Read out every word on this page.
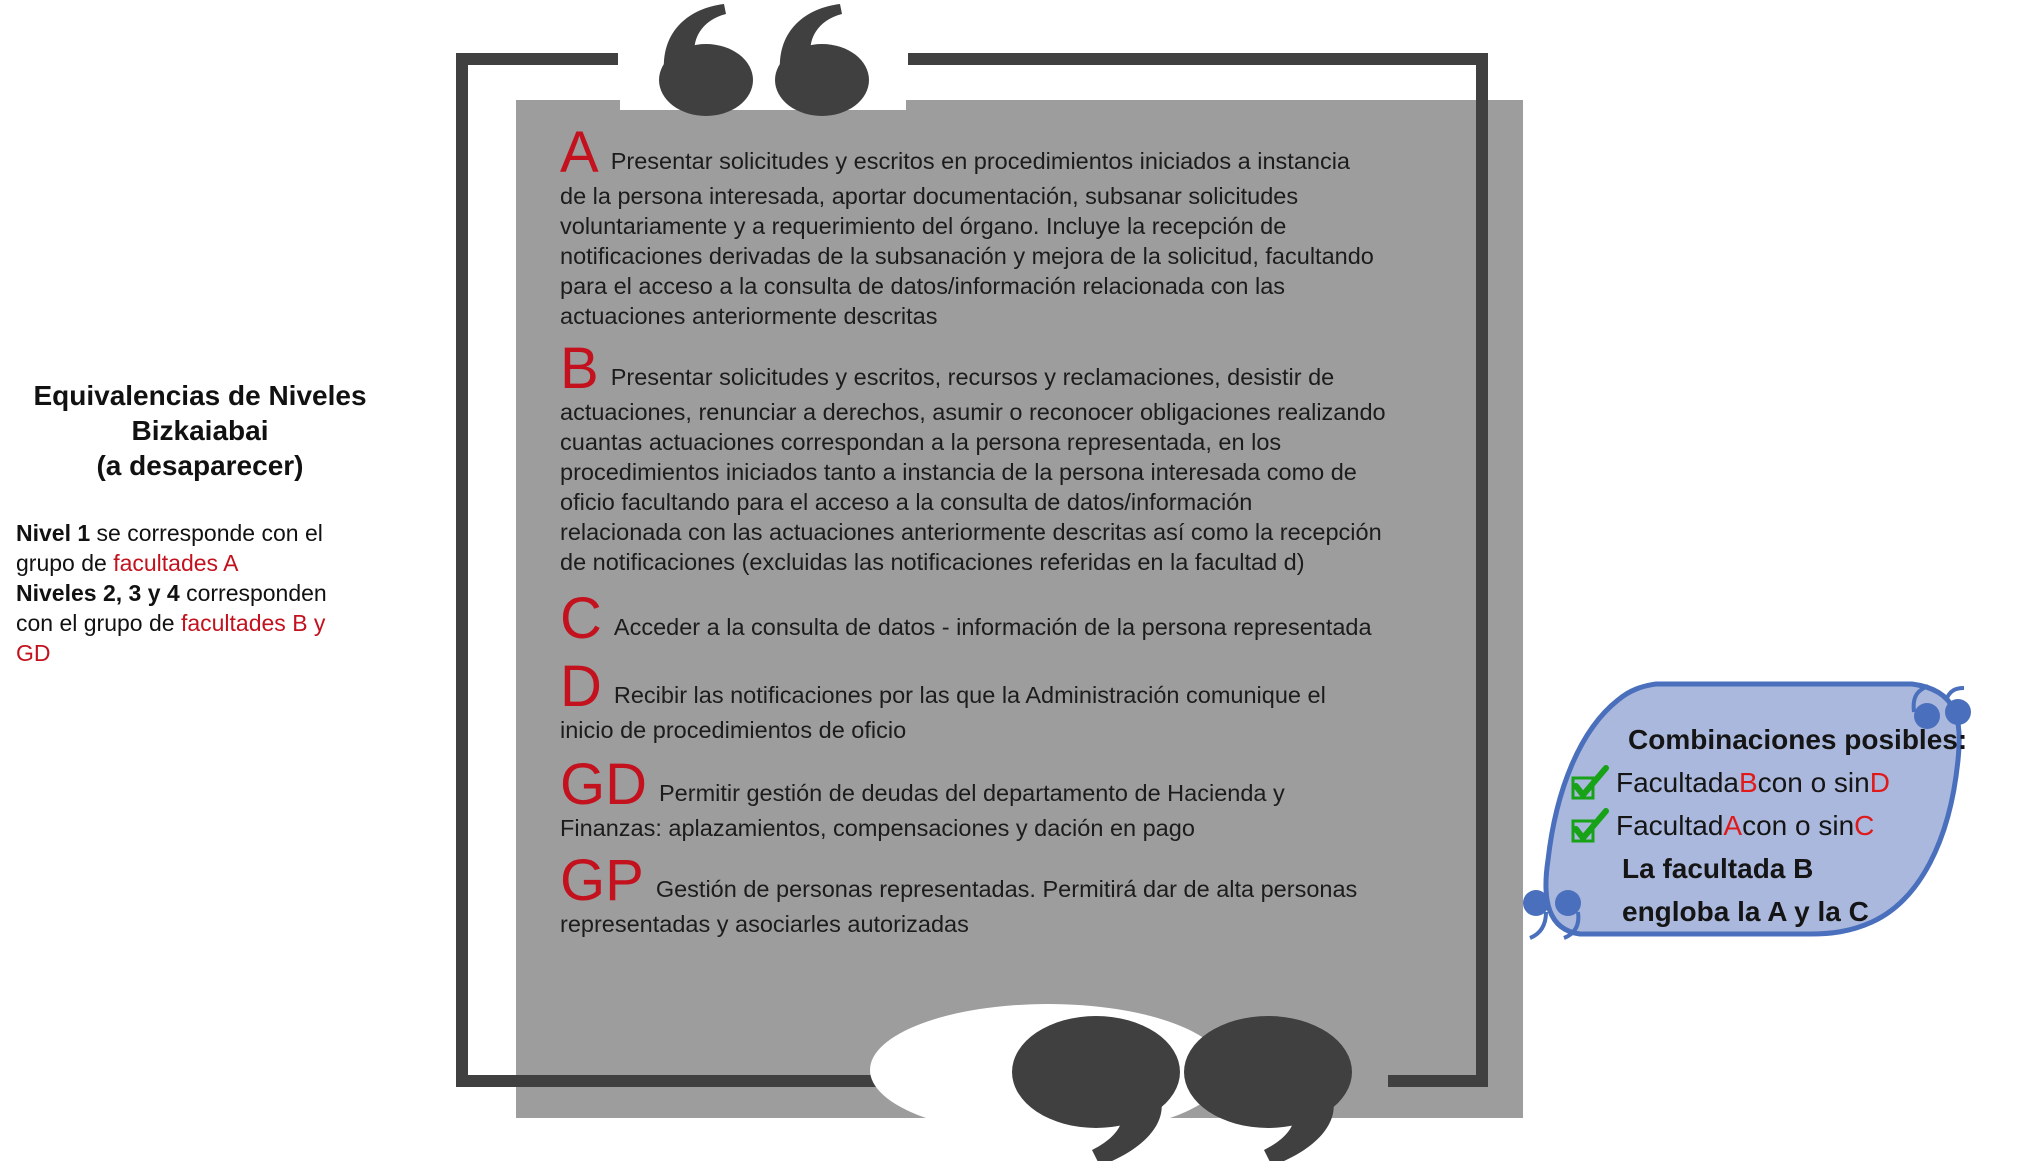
Equivalencias de Niveles
Bizkaiabai
(a desaparecer)
Nivel 1 se corresponde con el
grupo de facultades A
Niveles 2, 3 y 4 corresponden
con el grupo de facultades B y
GD
A Presentar solicitudes y escritos en procedimientos iniciados a instancia
de la persona interesada, aportar documentación, subsanar solicitudes
voluntariamente y a requerimiento del órgano. Incluye la recepción de
notificaciones derivadas de la subsanación y mejora de la solicitud, facultando
para el acceso a la consulta de datos/información relacionada con las
actuaciones anteriormente descritas
B Presentar solicitudes y escritos, recursos y reclamaciones, desistir de
actuaciones, renunciar a derechos, asumir o reconocer obligaciones realizando
cuantas actuaciones correspondan a la persona representada, en los
procedimientos iniciados tanto a instancia de la persona interesada como de
oficio facultando para el acceso a la consulta de datos/información
relacionada con las actuaciones anteriormente descritas así como la recepción
de notificaciones (excluidas las notificaciones referidas en la facultad d)
C Acceder a la consulta de datos - información de la persona representada
D Recibir las notificaciones por las que la Administración comunique el
inicio de procedimientos de oficio
GD Permitir gestión de deudas del departamento de Hacienda y
Finanzas: aplazamientos, compensaciones y dación en pago
GP Gestión de personas representadas. Permitirá dar de alta personas
representadas y asociarles autorizadas
Combinaciones posibles:
Facultada B con o sin D
Facultad A con o sin C
La facultada B
engloba la A y la C
